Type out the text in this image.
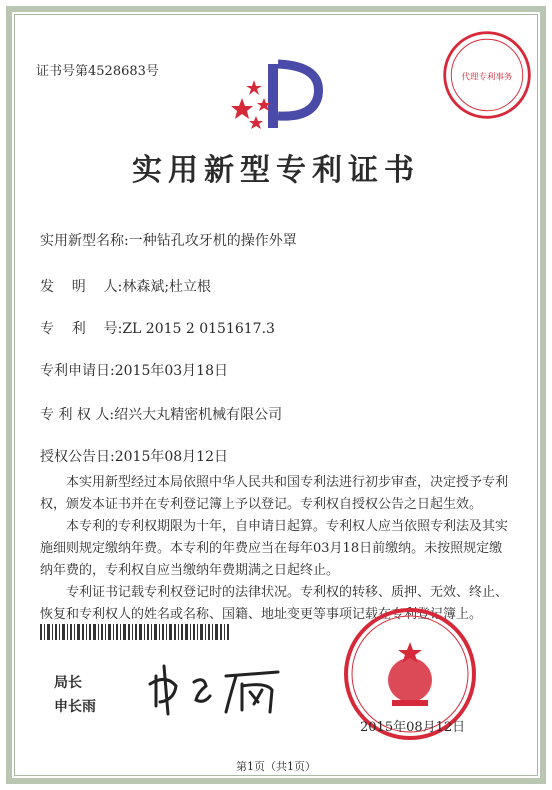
证书号第4528683号	代理专利事务
实用新型专利证书
实用新型名称:一种钻孔攻牙机的操作外罩
发    明    人:林森斌;杜立根
专    利    号:ZL 2015 2 0151617.3
专利申请日:2015年03月18日
专 利 权 人:绍兴大丸精密机械有限公司
授权公告日:2015年08月12日

本实用新型经过本局依照中华人民共和国专利法进行初步审查，决定授予专利权，颁发本证书并在专利登记簿上予以登记。专利权自授权公告之日起生效。

本专利的专利权期限为十年，自申请日起算。专利权人应当依照专利法及其实施细则规定缴纳年费。本专利的年费应当在每年03月18日前缴纳。未按照规定缴纳年费的，专利权自应当缴纳年费期满之日起终止。

专利证书记载专利权登记时的法律状况。专利权的转移、质押、无效、终止、恢复和专利权人的姓名或名称、国籍、地址变更等事项记载在专利登记簿上。

局长
申长雨
2015年08月12日
第1页（共1页）
